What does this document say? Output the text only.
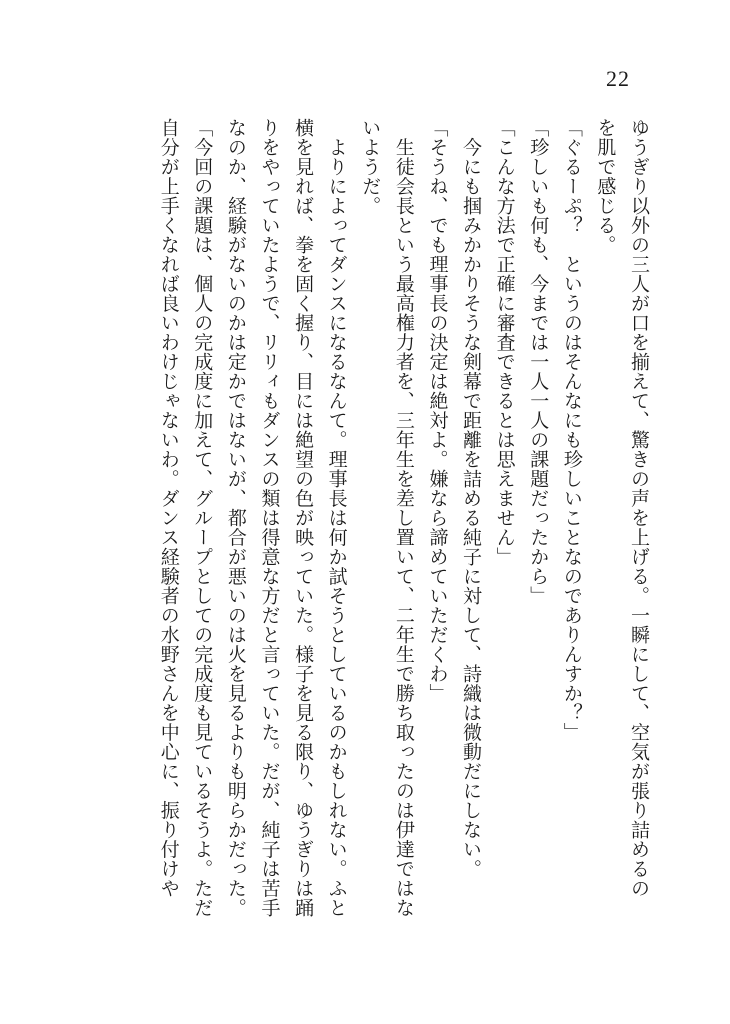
22
ゆうぎり以外の三人が口を揃えて、驚きの声を上げる。一瞬にして、空気が張り詰めるの
を肌で感じる。
「ぐるーぷ？　というのはそんなにも珍しいことなのでありんすか？」
「珍しいも何も、今までは一人一人の課題だったから」
「こんな方法で正確に審査できるとは思えません」
　今にも掴みかかりそうな剣幕で距離を詰める純子に対して、詩織は微動だにしない。
「そうね、でも理事長の決定は絶対よ。嫌なら諦めていただくわ」
　生徒会長という最高権力者を、三年生を差し置いて、二年生で勝ち取ったのは伊達ではな
いようだ。
　よりによってダンスになるなんて。理事長は何か試そうとしているのかもしれない。ふと
横を見れば、拳を固く握り、目には絶望の色が映っていた。様子を見る限り、ゆうぎりは踊
りをやっていたようで、リリィもダンスの類は得意な方だと言っていた。だが、純子は苦手
なのか、経験がないのかは定かではないが、都合が悪いのは火を見るよりも明らかだった。
「今回の課題は、個人の完成度に加えて、グループとしての完成度も見ているそうよ。ただ
自分が上手くなれば良いわけじゃないわ。ダンス経験者の水野さんを中心に、振り付けや
